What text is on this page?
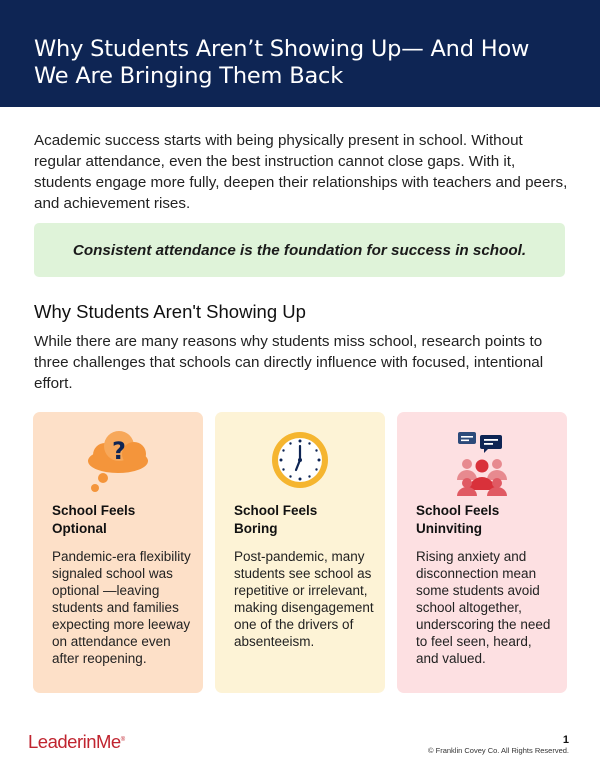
Why Students Aren’t Showing Up— And How
We Are Bringing Them Back

Academic success starts with being physically present in school. Without regular attendance, even the best instruction cannot close gaps. With it, students engage more fully, deepen their relationships with teachers and peers, and achievement rises.

Consistent attendance is the foundation for success in school.
Why Students Aren't Showing Up

While there are many reasons why students miss school, research points to three challenges that schools can directly influence with focused, intentional effort.

?
School Feels
Optional

Pandemic-era flexibility signaled school was optional —leaving students and families expecting more leeway on attendance even after reopening.

School Feels
Boring

Post-pandemic, many students see school as repetitive or irrelevant, making disengagement one of the drivers of absenteeism.

School Feels
Uninviting

Rising anxiety and disconnection mean some students avoid school altogether, underscoring the need to feel seen, heard, and valued.

LeaderinMe®	1
© Franklin Covey Co. All Rights Reserved.
